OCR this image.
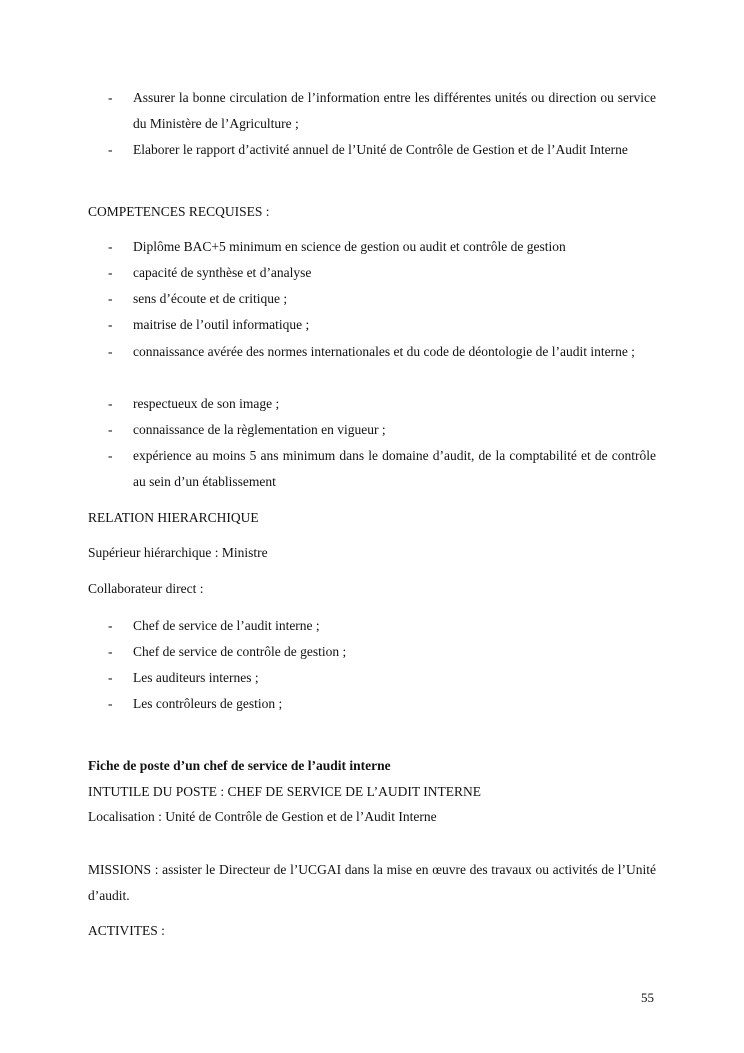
-	Assurer la bonne circulation de l’information entre les différentes unités ou direction ou service du Ministère de l’Agriculture ;
-	Elaborer le rapport d’activité annuel de l’Unité de Contrôle de Gestion et de l’Audit Interne
COMPETENCES RECQUISES :
-	Diplôme BAC+5 minimum en science de gestion ou audit et contrôle de gestion
-	capacité de synthèse et d’analyse
-	sens d’écoute et de critique ;
-	maitrise de l’outil informatique ;
-	connaissance avérée des normes internationales et du code de déontologie de l’audit interne ;
-	respectueux de son image ;
-	connaissance de la règlementation en vigueur ;
-	expérience au moins 5 ans minimum dans le domaine d’audit, de la comptabilité et de contrôle au sein d’un établissement
RELATION HIERARCHIQUE
Supérieur hiérarchique : Ministre
Collaborateur direct :
-	Chef de service de l’audit interne ;
-	Chef de service de contrôle de gestion ;
-	Les auditeurs internes ;
-	Les contrôleurs de gestion ;
Fiche de poste d’un chef de service de l’audit interne
INTUTILE DU POSTE : CHEF DE SERVICE DE L’AUDIT INTERNE
Localisation : Unité de Contrôle de Gestion et de l’Audit Interne
MISSIONS : assister le Directeur de l’UCGAI dans la mise en œuvre des travaux ou activités de l’Unité d’audit.
ACTIVITES :
55
